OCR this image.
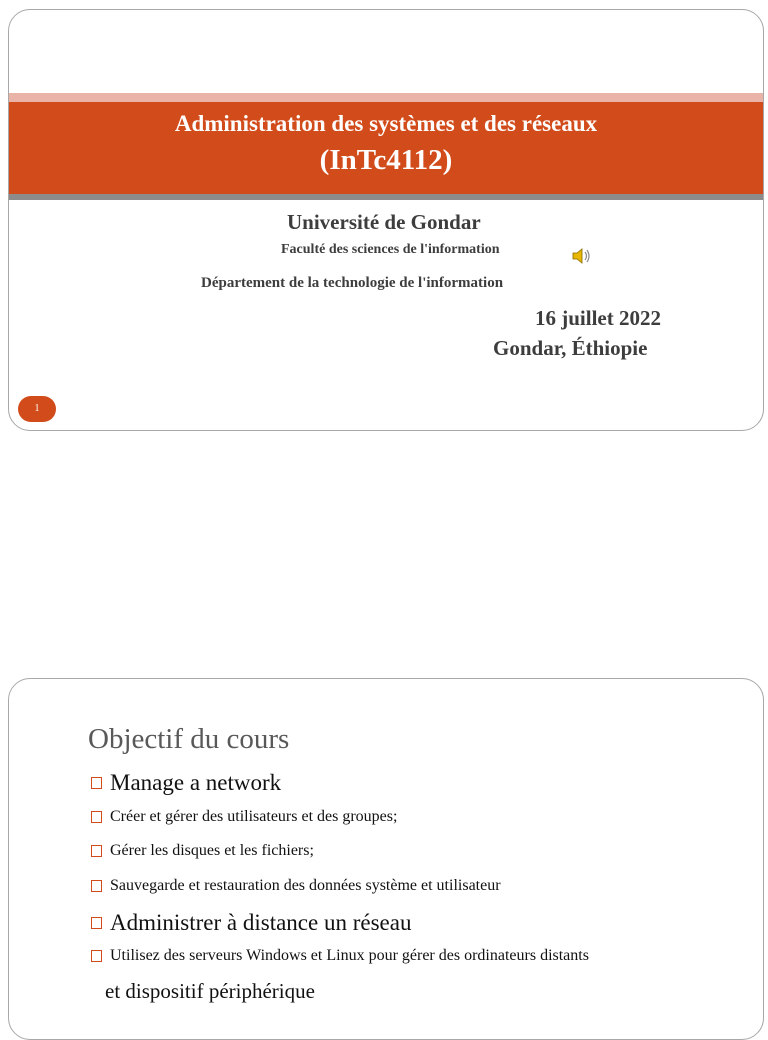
Administration des systèmes et des réseaux
(InTc4112)
Université de Gondar
Faculté des sciences de l'information
Département de la technologie de l'information
16 juillet 2022
Gondar, Éthiopie
1
Objectif du cours
Manage a network
Créer et gérer des utilisateurs et des groupes;
Gérer les disques et les fichiers;
Sauvegarde et restauration des données système et utilisateur
Administrer à distance un réseau
Utilisez des serveurs Windows et Linux pour gérer des ordinateurs distants
et dispositif périphérique
